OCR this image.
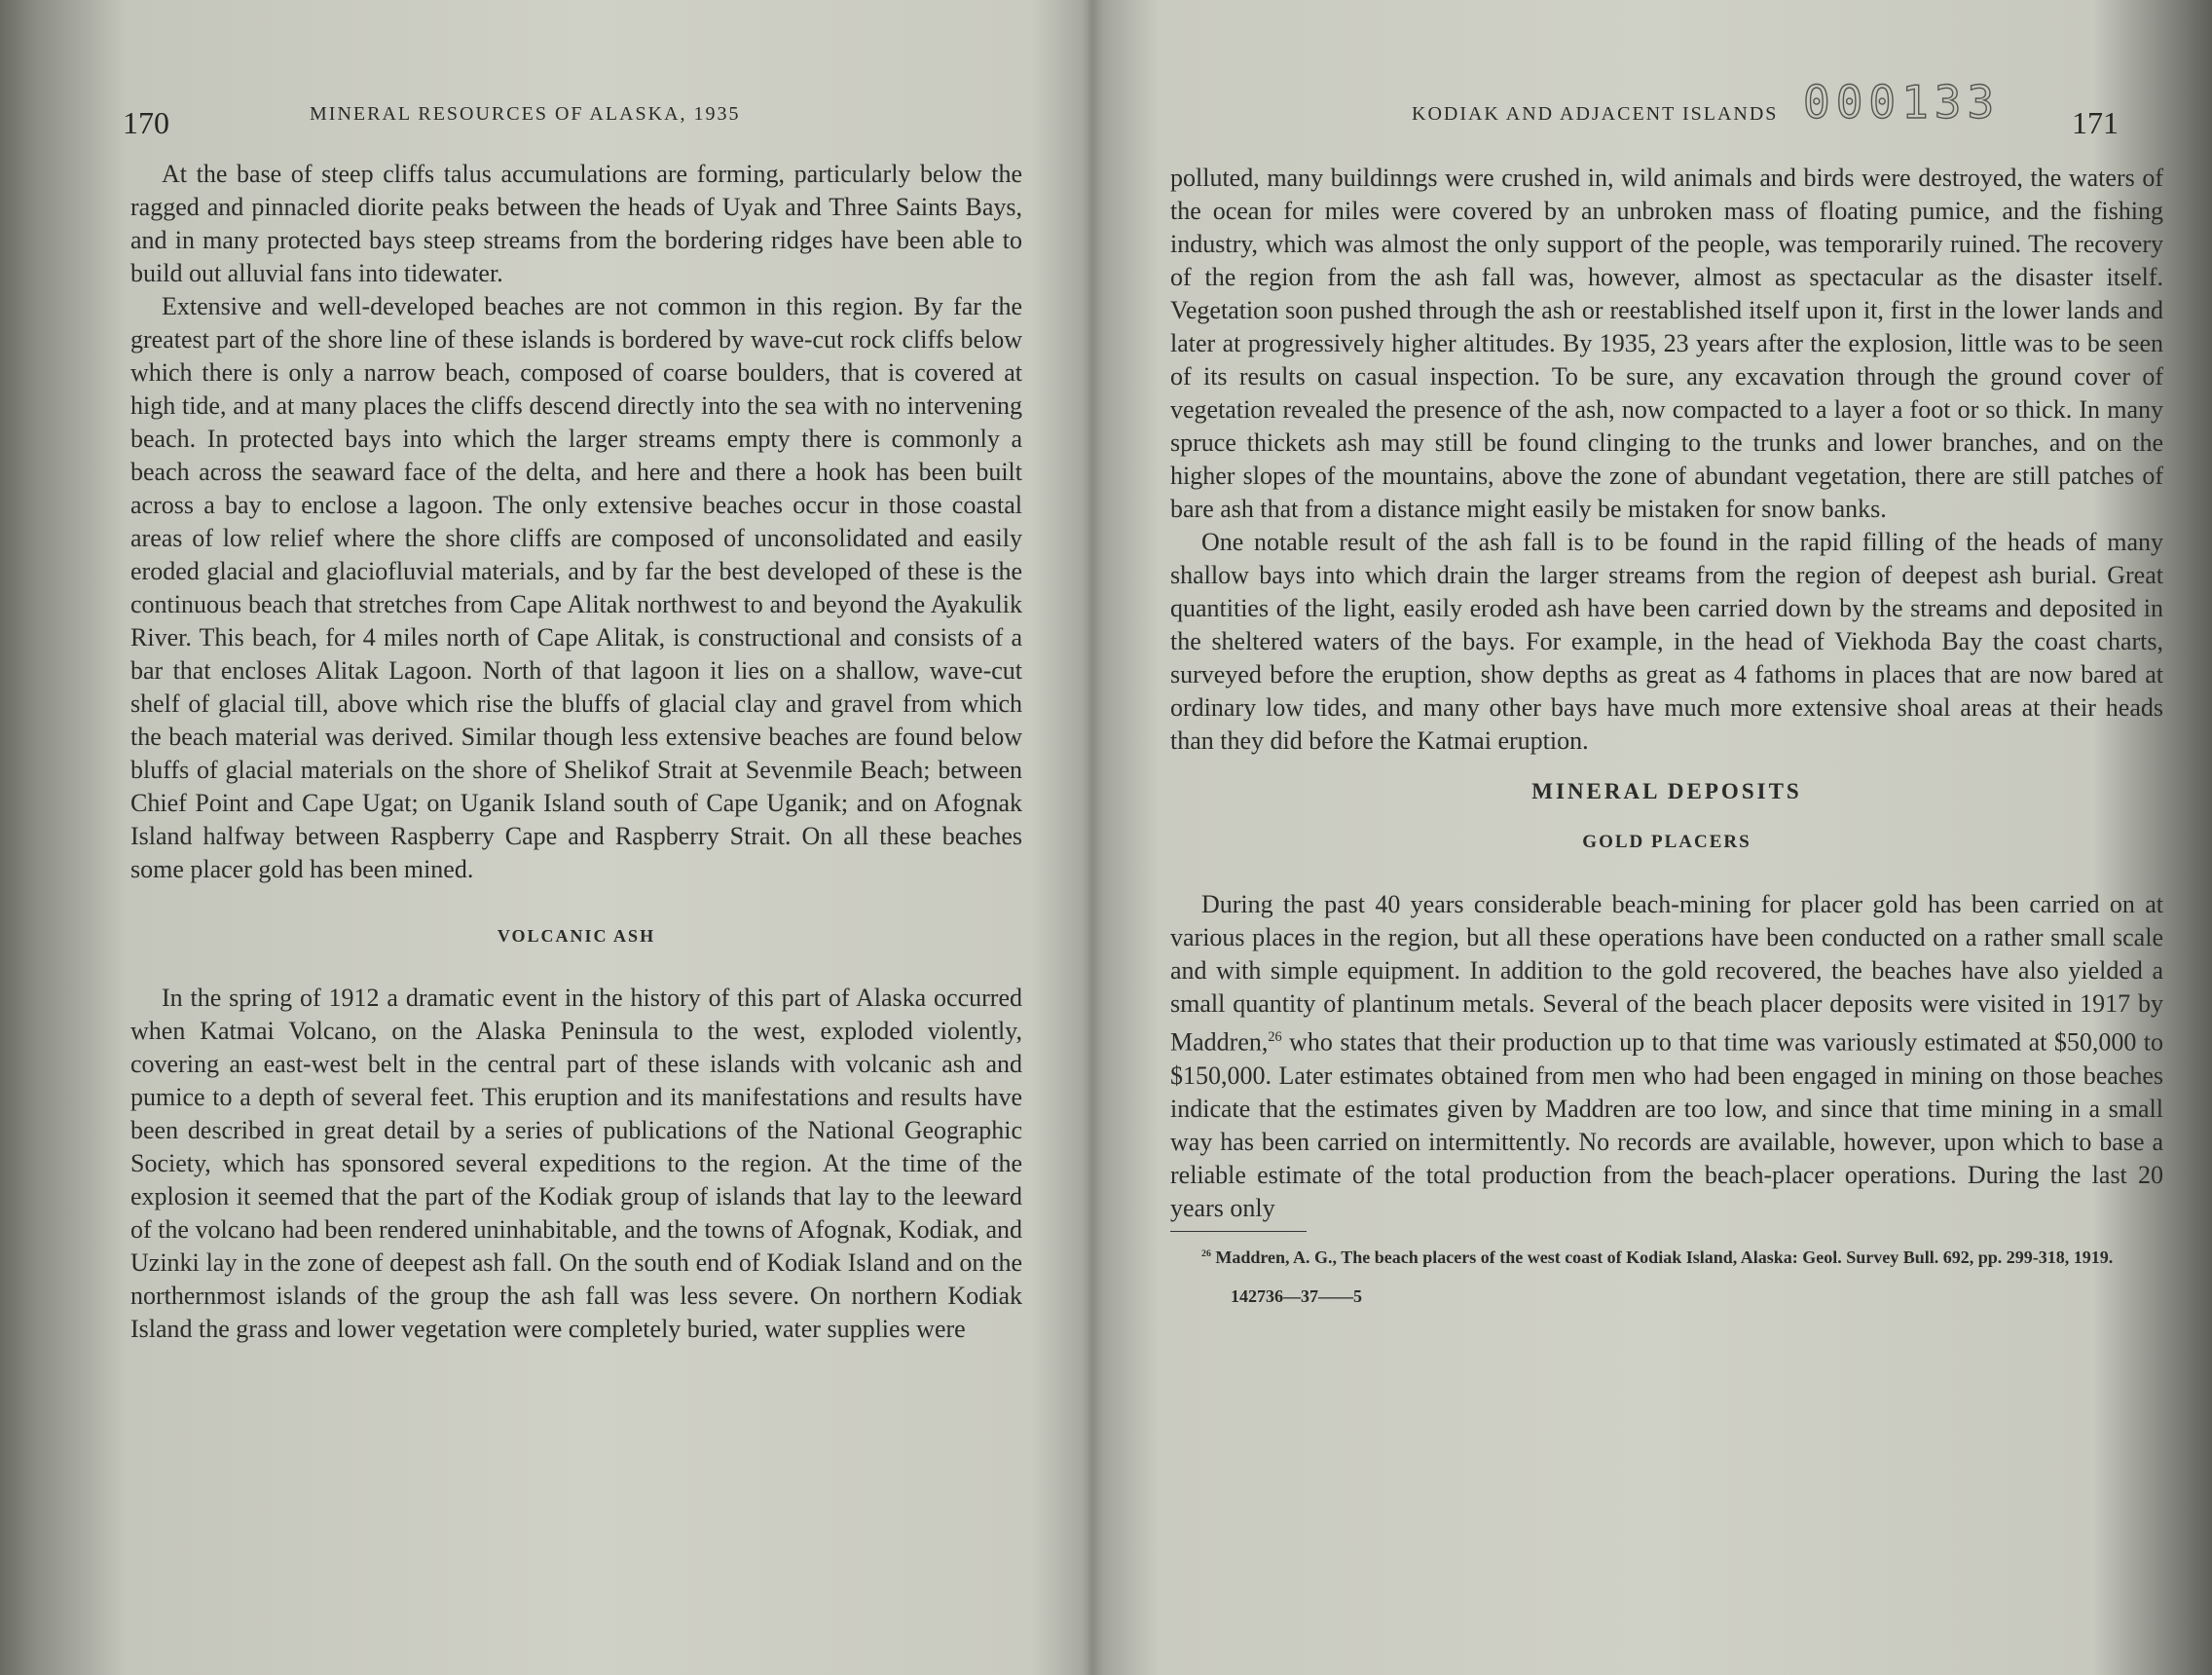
170	MINERAL RESOURCES OF ALASKA, 1935

At the base of steep cliffs talus accumulations are forming, particularly below the ragged and pinnacled diorite peaks between the heads of Uyak and Three Saints Bays, and in many protected bays steep streams from the bordering ridges have been able to build out alluvial fans into tidewater.

Extensive and well-developed beaches are not common in this region. By far the greatest part of the shore line of these islands is bordered by wave-cut rock cliffs below which there is only a narrow beach, composed of coarse boulders, that is covered at high tide, and at many places the cliffs descend directly into the sea with no intervening beach. In protected bays into which the larger streams empty there is commonly a beach across the seaward face of the delta, and here and there a hook has been built across a bay to enclose a lagoon. The only extensive beaches occur in those coastal areas of low relief where the shore cliffs are composed of unconsolidated and easily eroded glacial and glaciofluvial materials, and by far the best developed of these is the continuous beach that stretches from Cape Alitak northwest to and beyond the Ayakulik River. This beach, for 4 miles north of Cape Alitak, is constructional and consists of a bar that encloses Alitak Lagoon. North of that lagoon it lies on a shallow, wave-cut shelf of glacial till, above which rise the bluffs of glacial clay and gravel from which the beach material was derived. Similar though less extensive beaches are found below bluffs of glacial materials on the shore of Shelikof Strait at Sevenmile Beach; between Chief Point and Cape Ugat; on Uganik Island south of Cape Uganik; and on Afognak Island halfway between Raspberry Cape and Raspberry Strait. On all these beaches some placer gold has been mined.

VOLCANIC ASH

In the spring of 1912 a dramatic event in the history of this part of Alaska occurred when Katmai Volcano, on the Alaska Peninsula to the west, exploded violently, covering an east-west belt in the central part of these islands with volcanic ash and pumice to a depth of several feet. This eruption and its manifestations and results have been described in great detail by a series of publications of the National Geographic Society, which has sponsored several expeditions to the region. At the time of the explosion it seemed that the part of the Kodiak group of islands that lay to the leeward of the volcano had been rendered uninhabitable, and the towns of Afognak, Kodiak, and Uzinki lay in the zone of deepest ash fall. On the south end of Kodiak Island and on the northernmost islands of the group the ash fall was less severe. On northern Kodiak Island the grass and lower vegetation were completely buried, water supplies were

KODIAK AND ADJACENT ISLANDS 000133 171

polluted, many buildinngs were crushed in, wild animals and birds were destroyed, the waters of the ocean for miles were covered by an unbroken mass of floating pumice, and the fishing industry, which was almost the only support of the people, was temporarily ruined. The recovery of the region from the ash fall was, however, almost as spectacular as the disaster itself. Vegetation soon pushed through the ash or reestablished itself upon it, first in the lower lands and later at progressively higher altitudes. By 1935, 23 years after the explosion, little was to be seen of its results on casual inspection. To be sure, any excavation through the ground cover of vegetation revealed the presence of the ash, now compacted to a layer a foot or so thick. In many spruce thickets ash may still be found clinging to the trunks and lower branches, and on the higher slopes of the mountains, above the zone of abundant vegetation, there are still patches of bare ash that from a distance might easily be mistaken for snow banks.

One notable result of the ash fall is to be found in the rapid filling of the heads of many shallow bays into which drain the larger streams from the region of deepest ash burial. Great quantities of the light, easily eroded ash have been carried down by the streams and deposited in the sheltered waters of the bays. For example, in the head of Viekhoda Bay the coast charts, surveyed before the eruption, show depths as great as 4 fathoms in places that are now bared at ordinary low tides, and many other bays have much more extensive shoal areas at their heads than they did before the Katmai eruption.

MINERAL DEPOSITS

GOLD PLACERS

During the past 40 years considerable beach-mining for placer gold has been carried on at various places in the region, but all these operations have been conducted on a rather small scale and with simple equipment. In addition to the gold recovered, the beaches have also yielded a small quantity of plantinum metals. Several of the beach placer deposits were visited in 1917 by Maddren,$^{26}$ who states that their production up to that time was variously estimated at $50,000 to $150,000. Later estimates obtained from men who had been engaged in mining on those beaches indicate that the estimates given by Maddren are too low, and since that time mining in a small way has been carried on intermittently. No records are available, however, upon which to base a reliable estimate of the total production from the beach-placer operations. During the last 20 years only

$^{26}$ Maddren, A. G., The beach placers of the west coast of Kodiak Island, Alaska: Geol. Survey Bull. 692, pp. 299-318, 1919.

142736—37——5
